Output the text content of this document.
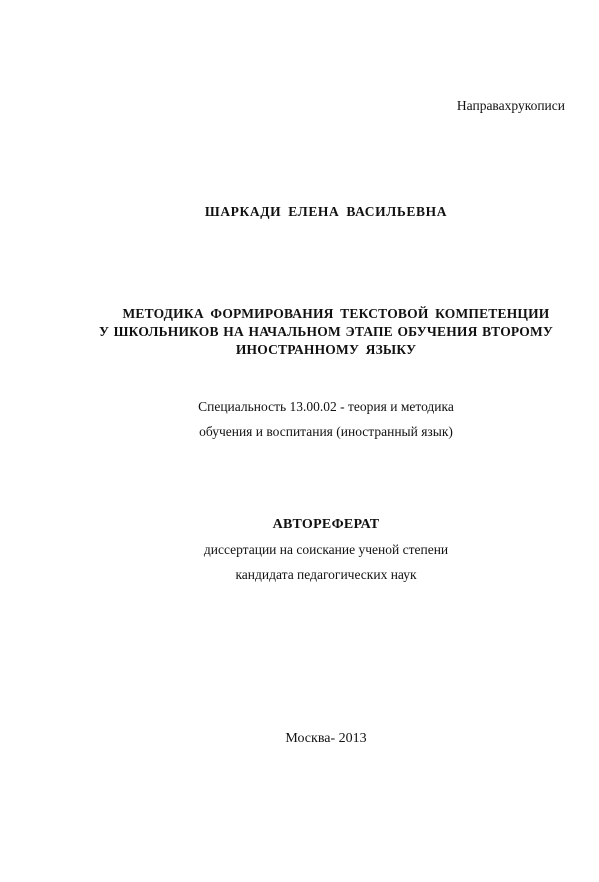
Направахрукописи
ШАРКАДИ ЕЛЕНА ВАСИЛЬЕВНА
МЕТОДИКА ФОРМИРОВАНИЯ ТЕКСТОВОЙ КОМПЕТЕНЦИИ
У ШКОЛЬНИКОВ НА НАЧАЛЬНОМ ЭТАПЕ ОБУЧЕНИЯ ВТОРОМУ
ИНОСТРАННОМУ ЯЗЫКУ
Специальность 13.00.02 - теория и методика
обучения и воспитания (иностранный язык)
АВТОРЕФЕРАТ
диссертации на соискание ученой степени
кандидата педагогических наук
Москва- 2013
